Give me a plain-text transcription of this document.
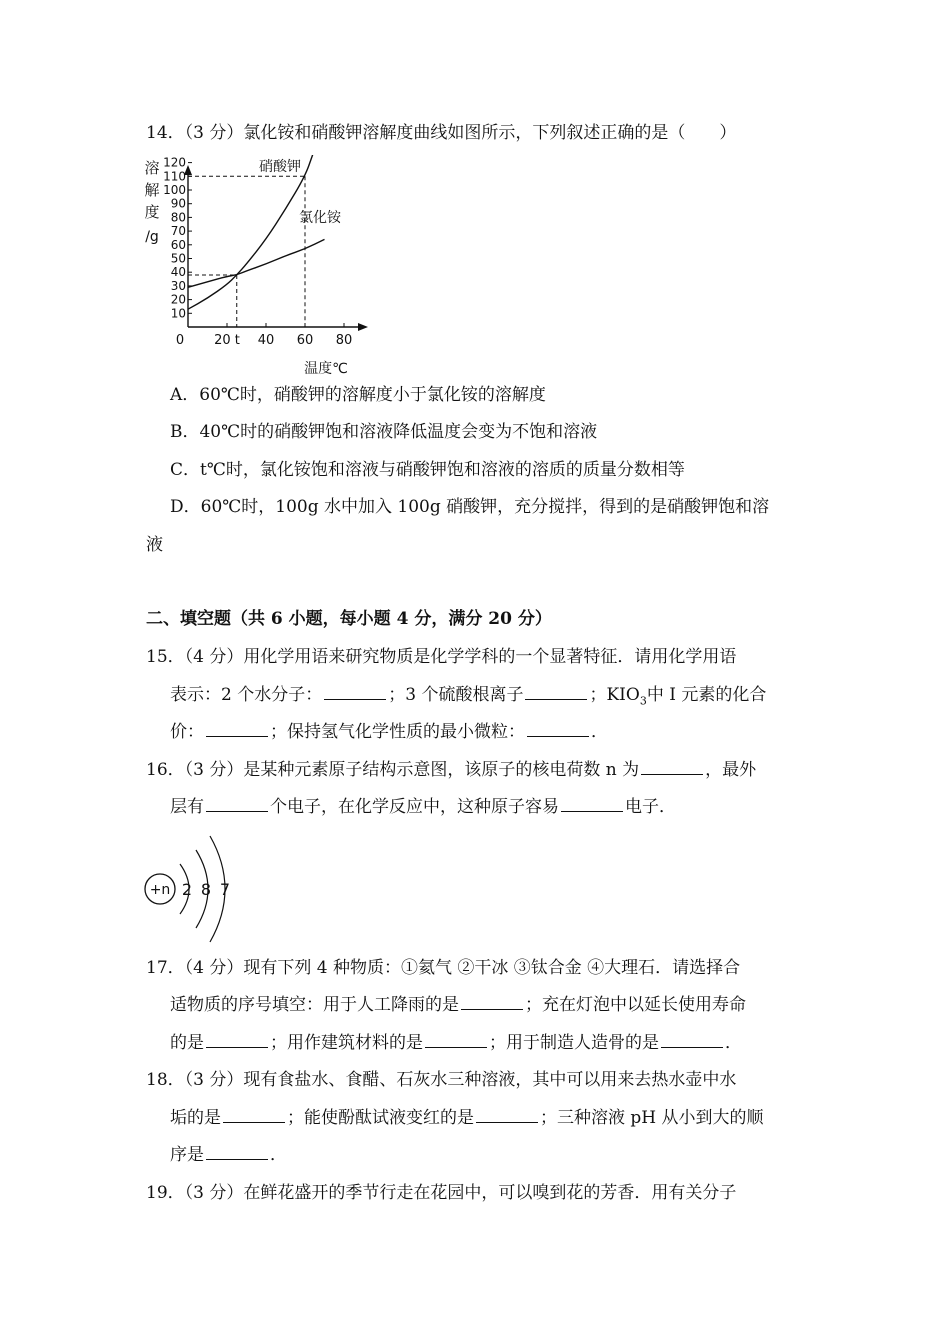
14．（3 分）氯化铵和硝酸钾溶解度曲线如图所示，下列叙述正确的是（　　）
10
20
30
40
50
60
70
80
90
100
110
120
溶
解
度
/g
0 20 t 40 60 80
温度℃
硝酸钾
氯化铵
A．60℃时，硝酸钾的溶解度小于氯化铵的溶解度
B．40℃时的硝酸钾饱和溶液降低温度会变为不饱和溶液
C．t℃时，氯化铵饱和溶液与硝酸钾饱和溶液的溶质的质量分数相等
D．60℃时，100g 水中加入 100g 硝酸钾，充分搅拌，得到的是硝酸钾饱和溶
液
二、填空题（共 6 小题，每小题 4 分，满分 20 分）
15．（4 分）用化学用语来研究物质是化学学科的一个显著特征．请用化学用语
表示：2 个水分子：	；3 个硫酸根离子	；$KIO_3$中 I 元素的化合
价：	；保持氢气化学性质的最小微粒：	．
16．（3 分）是某种元素原子结构示意图，该原子的核电荷数 n 为	，最外
层有	个电子，在化学反应中，这种原子容易	电子．
+n 2 8 7
17．（4 分）现有下列 4 种物质：①氦气 ②干冰 ③钛合金 ④大理石．请选择合
适物质的序号填空：用于人工降雨的是	；充在灯泡中以延长使用寿命
的是	；用作建筑材料的是	；用于制造人造骨的是	．
18．（3 分）现有食盐水、食醋、石灰水三种溶液，其中可以用来去热水壶中水
垢的是	；能使酚酞试液变红的是	；三种溶液 pH 从小到大的顺
序是	．
19．（3 分）在鲜花盛开的季节行走在花园中，可以嗅到花的芳香．用有关分子
